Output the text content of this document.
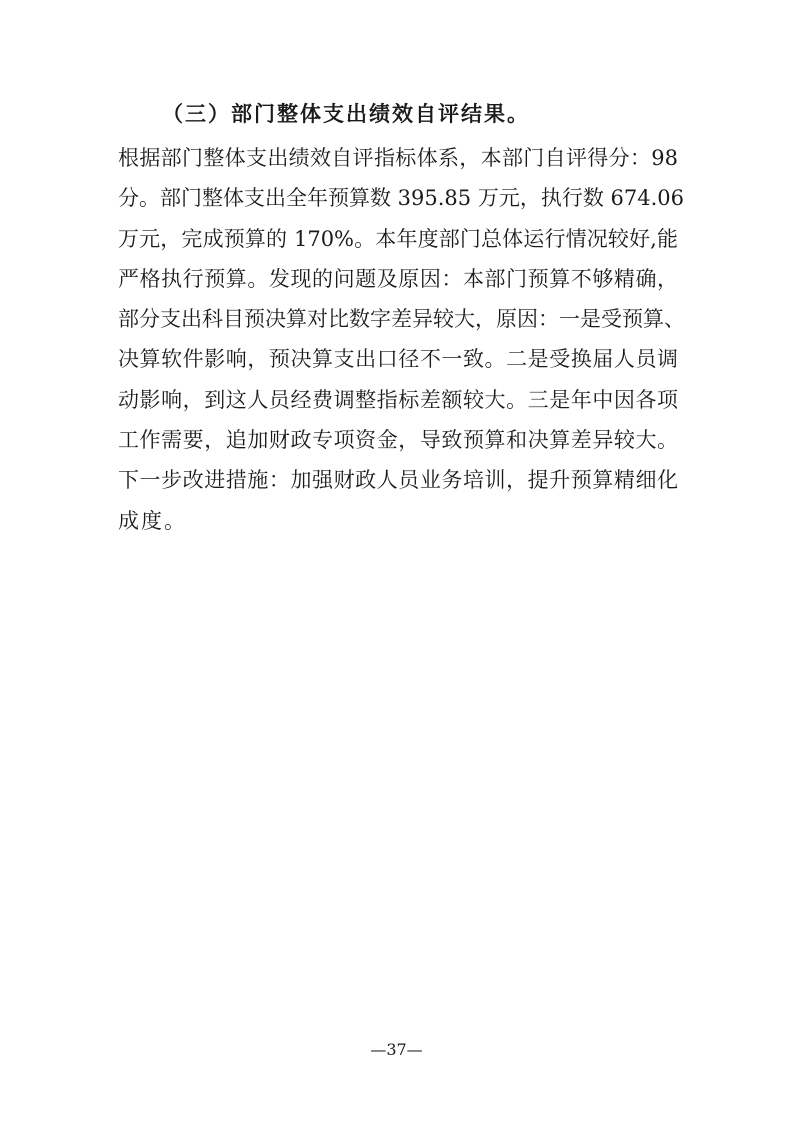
（三）部门整体支出绩效自评结果。

根据部门整体支出绩效自评指标体系，本部门自评得分：98

分。部门整体支出全年预算数 395.85 万元，执行数 674.06

万元，完成预算的 170%。本年度部门总体运行情况较好,能

严格执行预算。发现的问题及原因：本部门预算不够精确，

部分支出科目预决算对比数字差异较大，原因：一是受预算、

决算软件影响，预决算支出口径不一致。二是受换届人员调

动影响，到这人员经费调整指标差额较大。三是年中因各项

工作需要，追加财政专项资金，导致预算和决算差异较大。

下一步改进措施：加强财政人员业务培训，提升预算精细化

成度。

—37—
